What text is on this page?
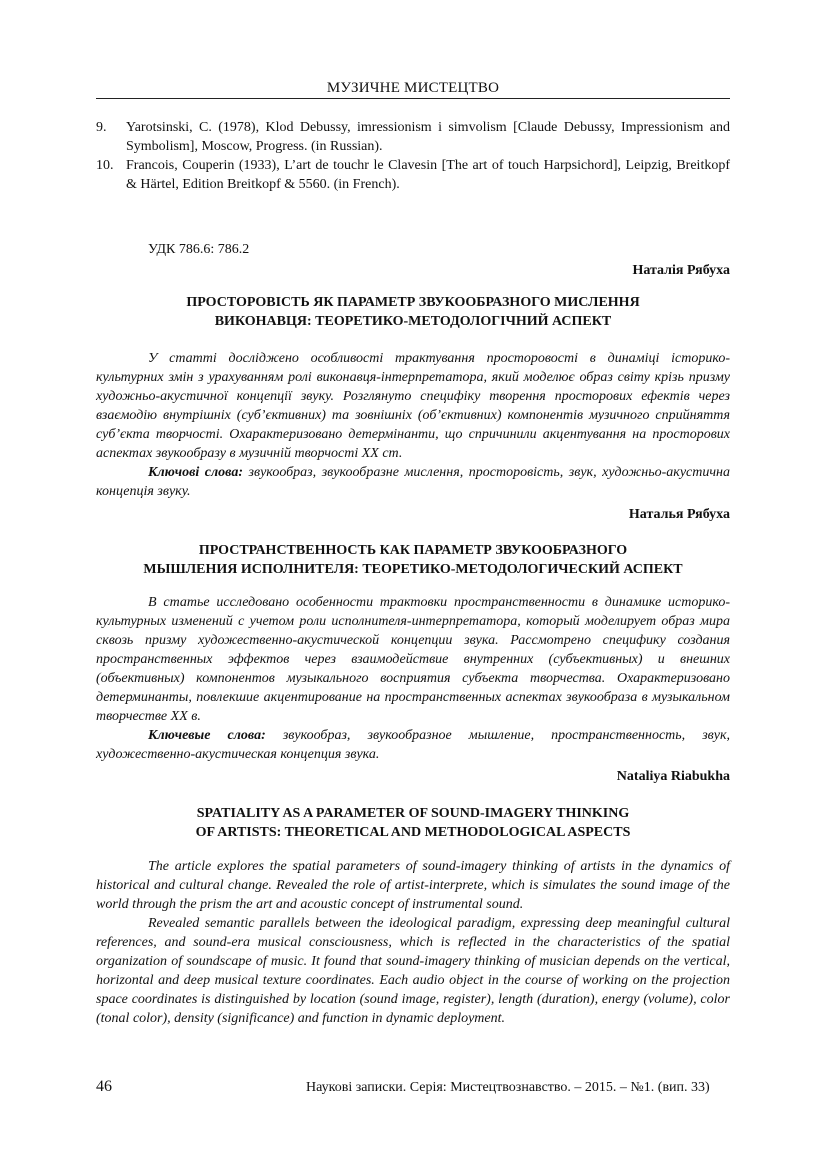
МУЗИЧНЕ МИСТЕЦТВО
9.	Yarotsinski, C. (1978), Klod Debussy, imressionism i simvolism [Claude Debussy, Impressionism and Symbolism], Moscow, Progress. (in Russian).
10. Francois, Couperin (1933), L’art de touchr le Clavesin [The art of touch Harpsichord], Leipzig, Breitkopf & Härtel, Edition Breitkopf & 5560. (in French).
УДК 786.6: 786.2
Наталія Рябуха
ПРОСТОРОВІСТЬ ЯК ПАРАМЕТР ЗВУКООБРАЗНОГО МИСЛЕННЯ
ВИКОНАВЦЯ: ТЕОРЕТИКО-МЕТОДОЛОГІЧНИЙ АСПЕКТ

У статті досліджено особливості трактування просторовості в динаміці історико-культурних змін з урахуванням ролі виконавця-інтерпретатора, який моделює образ світу крізь призму художньо-акустичної концепції звуку. Розглянуто специфіку творення просторових ефектів через взаємодію внутрішніх (суб’єктивних) та зовнішніх (об’єктивних) компонентів музичного сприйняття суб’єкта творчості. Охарактеризовано детермінанти, що спричинили акцентування на просторових аспектах звукообразу в музичній творчості ХХ ст.

Ключові слова: звукообраз, звукообразне мислення, просторовість, звук, художньо-акустична концепція звуку.

Наталья Рябуха
ПРОСТРАНСТВЕННОСТЬ КАК ПАРАМЕТР ЗВУКООБРАЗНОГО
МЫШЛЕНИЯ ИСПОЛНИТЕЛЯ: ТЕОРЕТИКО-МЕТОДОЛОГИЧЕСКИЙ АСПЕКТ

В статье исследовано особенности трактовки пространственности в динамике историко-культурных изменений с учетом роли исполнителя-интерпретатора, который моделирует образ мира сквозь призму художественно-акустической концепции звука. Рассмотрено специфику создания пространственных эффектов через взаимодействие внутренних (субъективных) и внешних (объективных) компонентов музыкального восприятия субъекта творчества. Охарактеризовано детерминанты, повлекшие акцентирование на пространственных аспектах звукообраза в музыкальном творчестве ХХ в.

Ключевые слова: звукообраз, звукообразное мышление, пространственность, звук, художественно-акустическая концепция звука.

Nataliya Riabukha
SPATIALITY AS A PARAMETER OF SOUND-IMAGERY THINKING
OF ARTISTS: THEORETICAL AND METHODOLOGICAL ASPECTS

The article explores the spatial parameters of sound-imagery thinking of artists in the dynamics of historical and cultural change. Revealed the role of artist-interprete, which is simulates the sound image of the world through the prism the art and acoustic concept of instrumental sound.

Revealed semantic parallels between the ideological paradigm, expressing deep meaningful cultural references, and sound-era musical consciousness, which is reflected in the characteristics of the spatial organization of soundscape of music. It found that sound-imagery thinking of musician depends on the vertical, horizontal and deep musical texture coordinates. Each audio object in the course of working on the projection space coordinates is distinguished by location (sound image, register), length (duration), energy (volume), color (tonal color), density (significance) and function in dynamic deployment.

46	Наукові записки. Серія: Мистецтвознавство. – 2015. – №1. (вип. 33)
